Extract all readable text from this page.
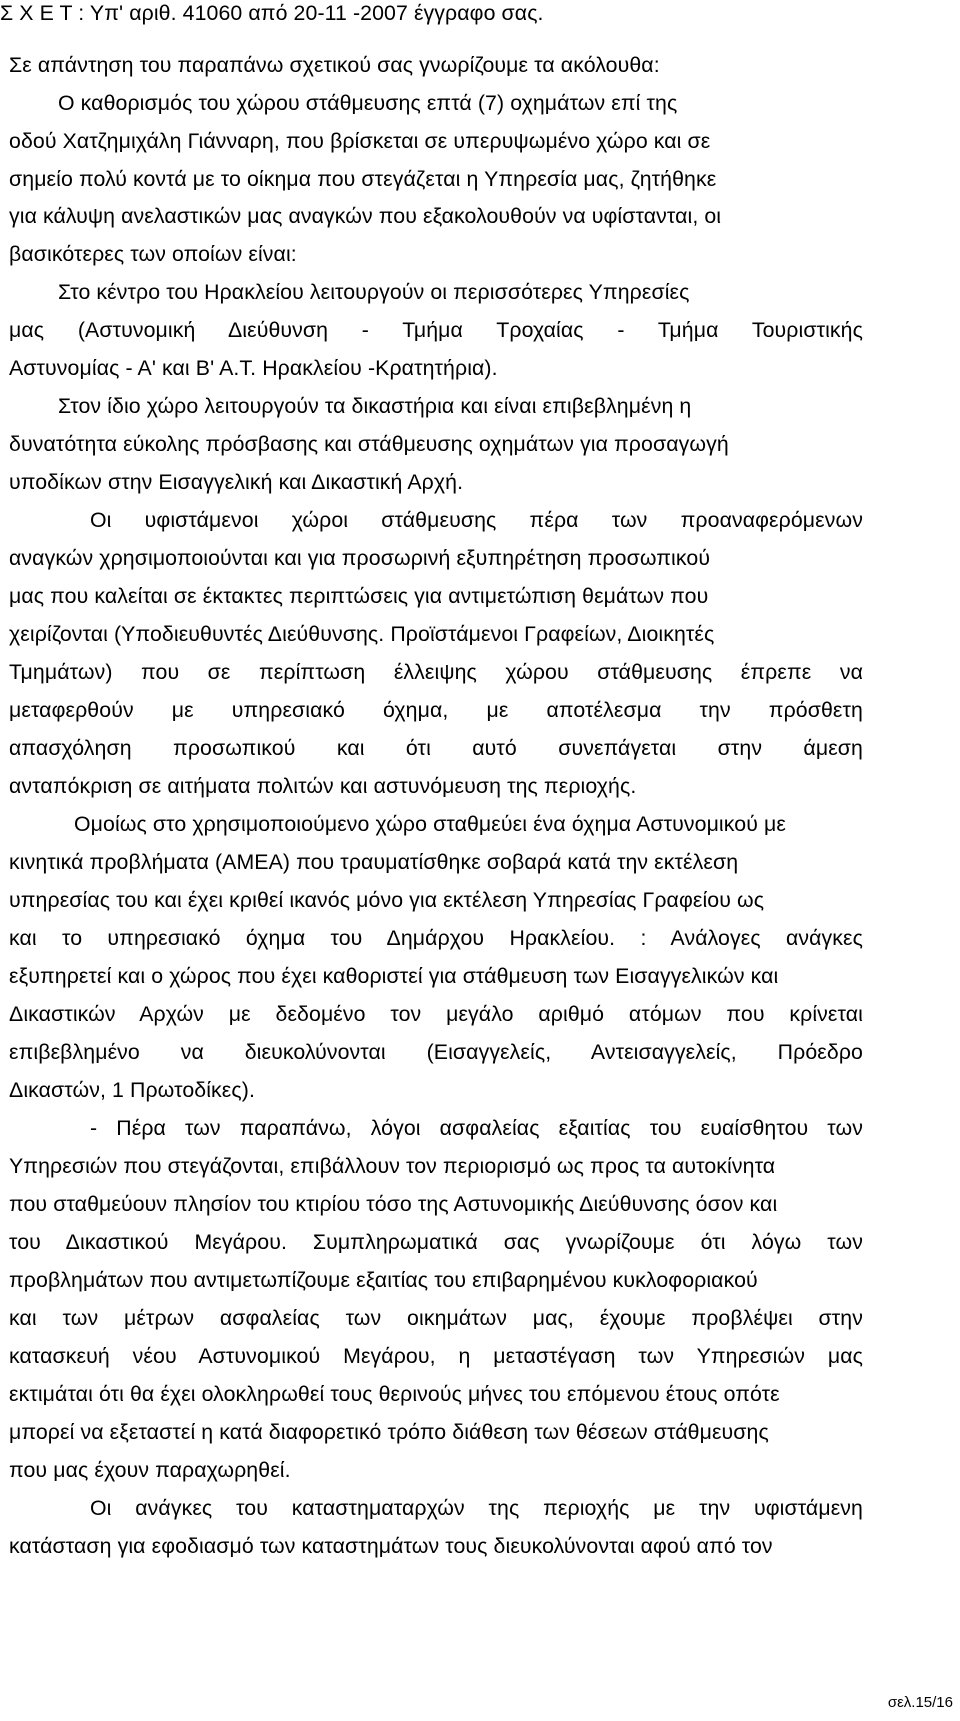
Σ Χ Ε Τ : Υπ' αριθ. 41060 από 20-11 -2007 έγγραφο σας.
Σε απάντηση του παραπάνω σχετικού σας γνωρίζουμε τα ακόλουθα:
Ο καθορισμός του χώρου στάθμευσης επτά (7) οχημάτων επί της
οδού Χατζημιχάλη Γιάνναρη, που βρίσκεται σε υπερυψωμένο χώρο και σε
σημείο πολύ κοντά με το οίκημα που στεγάζεται η Υπηρεσία μας, ζητήθηκε
για κάλυψη ανελαστικών μας αναγκών που εξακολουθούν να υφίστανται, οι
βασικότερες των οποίων είναι:
Στο κέντρο του Ηρακλείου λειτουργούν οι περισσότερες Υπηρεσίες
μας (Αστυνομική Διεύθυνση - Τμήμα Τροχαίας - Τμήμα Τουριστικής
Αστυνομίας - Α' και Β' Α.Τ. Ηρακλείου -Κρατητήρια).
Στον ίδιο χώρο λειτουργούν τα δικαστήρια και είναι επιβεβλημένη η
δυνατότητα εύκολης πρόσβασης και στάθμευσης οχημάτων για προσαγωγή
υποδίκων στην Εισαγγελική και Δικαστική Αρχή.
Οι υφιστάμενοι χώροι στάθμευσης πέρα των προαναφερόμενων
αναγκών χρησιμοποιούνται και για προσωρινή εξυπηρέτηση προσωπικού
μας που καλείται σε έκτακτες περιπτώσεις για αντιμετώπιση θεμάτων που
χειρίζονται (Υποδιευθυντές Διεύθυνσης. Προϊστάμενοι Γραφείων, Διοικητές
Τμημάτων) που σε περίπτωση έλλειψης χώρου στάθμευσης έπρεπε να
μεταφερθούν με υπηρεσιακό όχημα, με αποτέλεσμα την πρόσθετη
απασχόληση προσωπικού και ότι αυτό συνεπάγεται στην άμεση
ανταπόκριση σε αιτήματα πολιτών και αστυνόμευση της περιοχής.
Ομοίως στο χρησιμοποιούμενο χώρο σταθμεύει ένα όχημα Αστυνομικού με
κινητικά προβλήματα (ΑΜΕΑ) που τραυματίσθηκε σοβαρά κατά την εκτέλεση
υπηρεσίας του και έχει κριθεί ικανός μόνο για εκτέλεση Υπηρεσίας Γραφείου ως
και το υπηρεσιακό όχημα του Δημάρχου Ηρακλείου. : Ανάλογες ανάγκες
εξυπηρετεί και ο χώρος που έχει καθοριστεί για στάθμευση των Εισαγγελικών και
Δικαστικών Αρχών με δεδομένο τον μεγάλο αριθμό ατόμων που κρίνεται
επιβεβλημένο να διευκολύνονται (Εισαγγελείς, Αντεισαγγελείς, Πρόεδρο
Δικαστών, 1 Πρωτοδίκες).
- Πέρα των παραπάνω, λόγοι ασφαλείας εξαιτίας του ευαίσθητου των
Υπηρεσιών που στεγάζονται, επιβάλλουν τον περιορισμό ως προς τα αυτοκίνητα
που σταθμεύουν πλησίον του κτιρίου τόσο της Αστυνομικής Διεύθυνσης όσον και
του Δικαστικού Μεγάρου. Συμπληρωματικά σας γνωρίζουμε ότι λόγω των
προβλημάτων που αντιμετωπίζουμε εξαιτίας του επιβαρημένου κυκλοφοριακού
και των μέτρων ασφαλείας των οικημάτων μας, έχουμε προβλέψει στην
κατασκευή νέου Αστυνομικού Μεγάρου, η μεταστέγαση των Υπηρεσιών μας
εκτιμάται ότι θα έχει ολοκληρωθεί τους θερινούς μήνες του επόμενου έτους οπότε
μπορεί να εξεταστεί η κατά διαφορετικό τρόπο διάθεση των θέσεων στάθμευσης
που μας έχουν παραχωρηθεί.
Οι ανάγκες του καταστηματαρχών της περιοχής με την υφιστάμενη
κατάσταση για εφοδιασμό των καταστημάτων τους διευκολύνονται αφού από τον
σελ.15/16
